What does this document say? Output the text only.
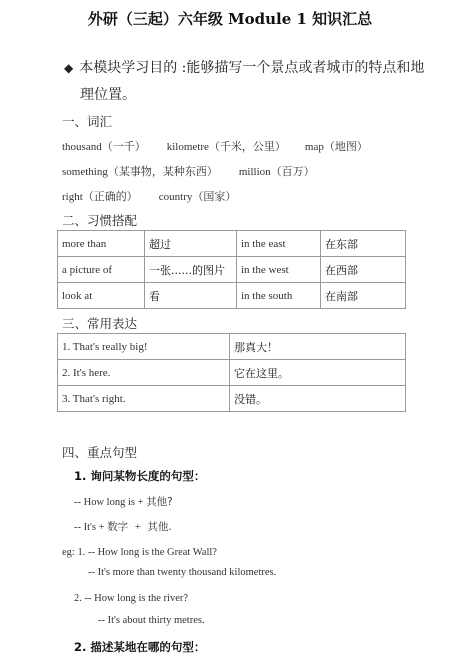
外研（三起）六年级 Module 1 知识汇总
◆ 本模块学习目的 :能够描写一个景点或者城市的特点和地
理位置。
一、词汇
thousand（一千） kilometre（千米，公里） map（地图）
something（某事物，某种东西） million（百万）
right（正确的） country（国家）
二、习惯搭配
more than	超过	in the east	在东部
a picture of	一张......的图片	in the west	在西部
look at	看	in the south	在南部
三、常用表达
1. That's really big!	那真大！
2. It's here.	它在这里。
3. That's right.	没错。
四、重点句型
1. 询问某物长度的句型：
-- How long is + 其他?
-- It's + 数字 + 其他.
eg: 1. -- How long is the Great Wall?
-- It's more than twenty thousand kilometres.
2. -- How long is the river?
-- It's about thirty metres.
2. 描述某地在哪的句型：
